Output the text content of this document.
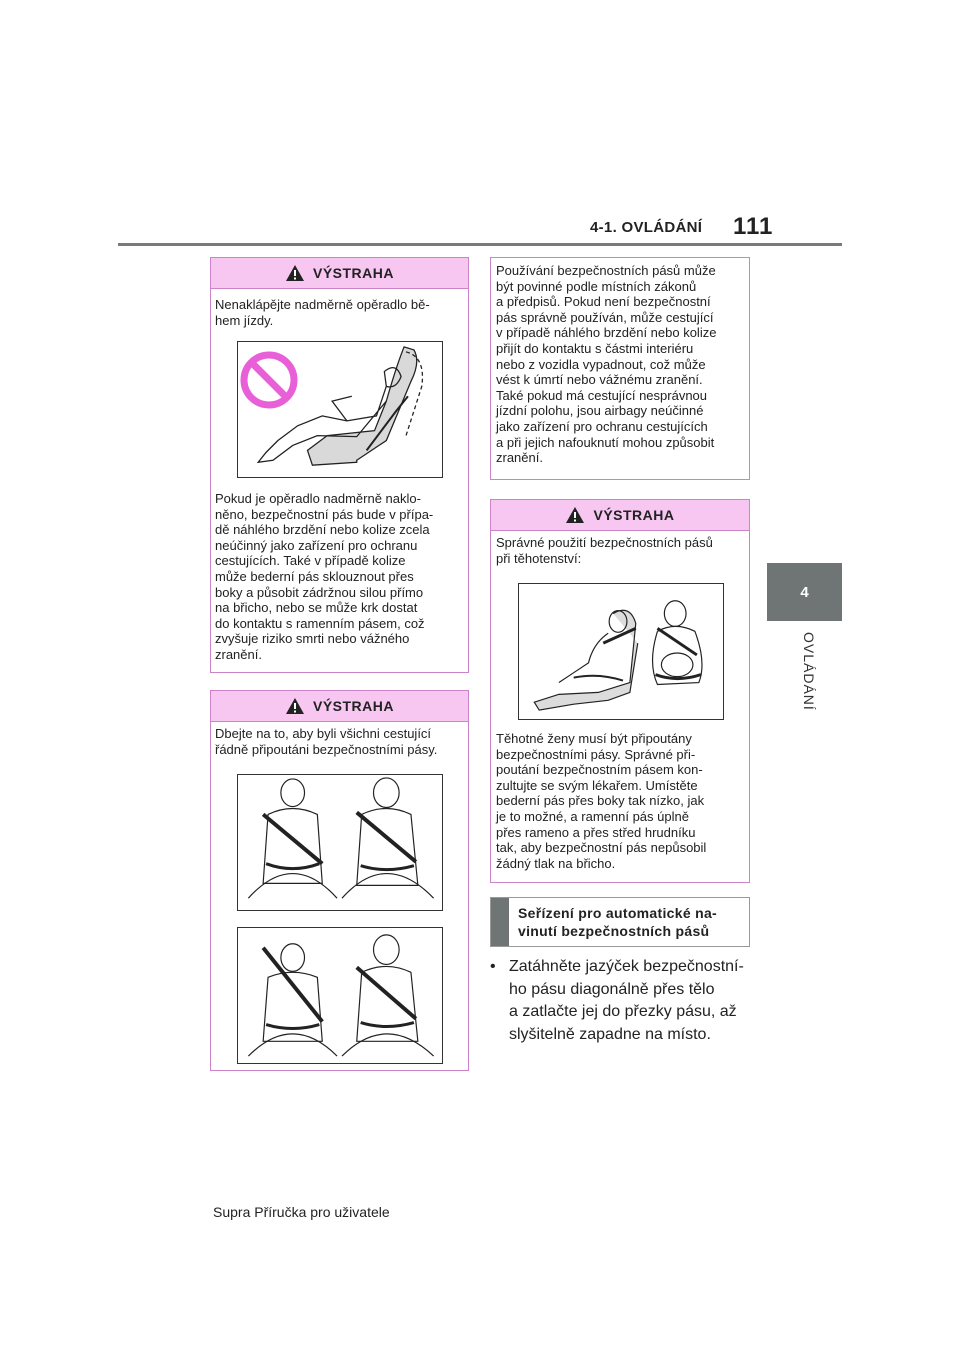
4-1. OVLÁDÁNÍ 111
4
OVLÁDÁNÍ
VÝSTRAHA
Nenaklápějte nadměrně opěradlo bě-
hem jízdy.
Pokud je opěradlo nadměrně naklo-
něno, bezpečnostní pás bude v přípa-
dě náhlého brzdění nebo kolize zcela
neúčinný jako zařízení pro ochranu
cestujících. Také v případě kolize
může bederní pás sklouznout přes
boky a působit zádržnou silou přímo
na břicho, nebo se může krk dostat
do kontaktu s ramenním pásem, což
zvyšuje riziko smrti nebo vážného
zranění.
VÝSTRAHA
Dbejte na to, aby byli všichni cestující
řádně připoutáni bezpečnostními pásy.
Používání bezpečnostních pásů může
být povinné podle místních zákonů
a předpisů. Pokud není bezpečnostní
pás správně používán, může cestující
v případě náhlého brzdění nebo kolize
přijít do kontaktu s částmi interiéru
nebo z vozidla vypadnout, což může
vést k úmrtí nebo vážnému zranění.
Také pokud má cestující nesprávnou
jízdní polohu, jsou airbagy neúčinné
jako zařízení pro ochranu cestujících
a při jejich nafouknutí mohou způsobit
zranění.
VÝSTRAHA
Správné použití bezpečnostních pásů
při těhotenství:
Těhotné ženy musí být připoutány
bezpečnostními pásy. Správné při-
poutání bezpečnostním pásem kon-
zultujte se svým lékařem. Umístěte
bederní pás přes boky tak nízko, jak
je to možné, a ramenní pás úplně
přes rameno a přes střed hrudníku
tak, aby bezpečnostní pás nepůsobil
žádný tlak na břicho.
Seřízení pro automatické na-
vinutí bezpečnostních pásů
• Zatáhněte jazýček bezpečnostní-
ho pásu diagonálně přes tělo
a zatlačte jej do přezky pásu, až
slyšitelně zapadne na místo.
Supra Příručka pro uživatele
